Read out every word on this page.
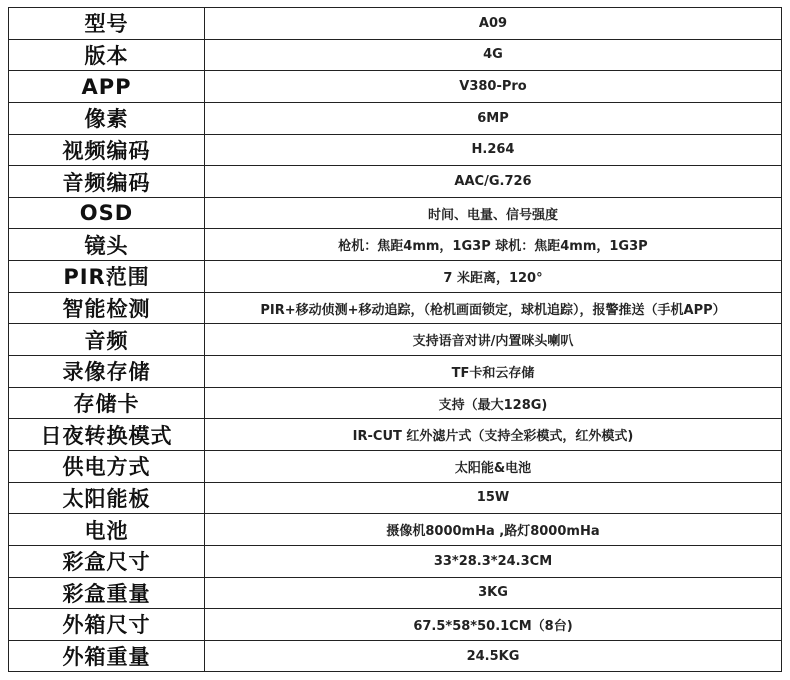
型号	A09
版本	4G
APP	V380-Pro
像素	6MP
视频编码	H.264
音频编码	AAC/G.726
OSD	时间、电量、信号强度
镜头	枪机：焦距4mm，1G3P 球机：焦距4mm，1G3P
PIR范围	7 米距离，120°
智能检测	PIR+移动侦测+移动追踪，（枪机画面锁定，球机追踪），报警推送（手机APP）
音频	支持语音对讲/内置咪头喇叭
录像存储	TF卡和云存储
存储卡	支持（最大128G)
日夜转换模式	IR-CUT 红外滤片式（支持全彩模式，红外模式)
供电方式	太阳能&电池
太阳能板	15W
电池	摄像机8000mHa ,路灯8000mHa
彩盒尺寸	33*28.3*24.3CM
彩盒重量	3KG
外箱尺寸	67.5*58*50.1CM（8台)
外箱重量	24.5KG
